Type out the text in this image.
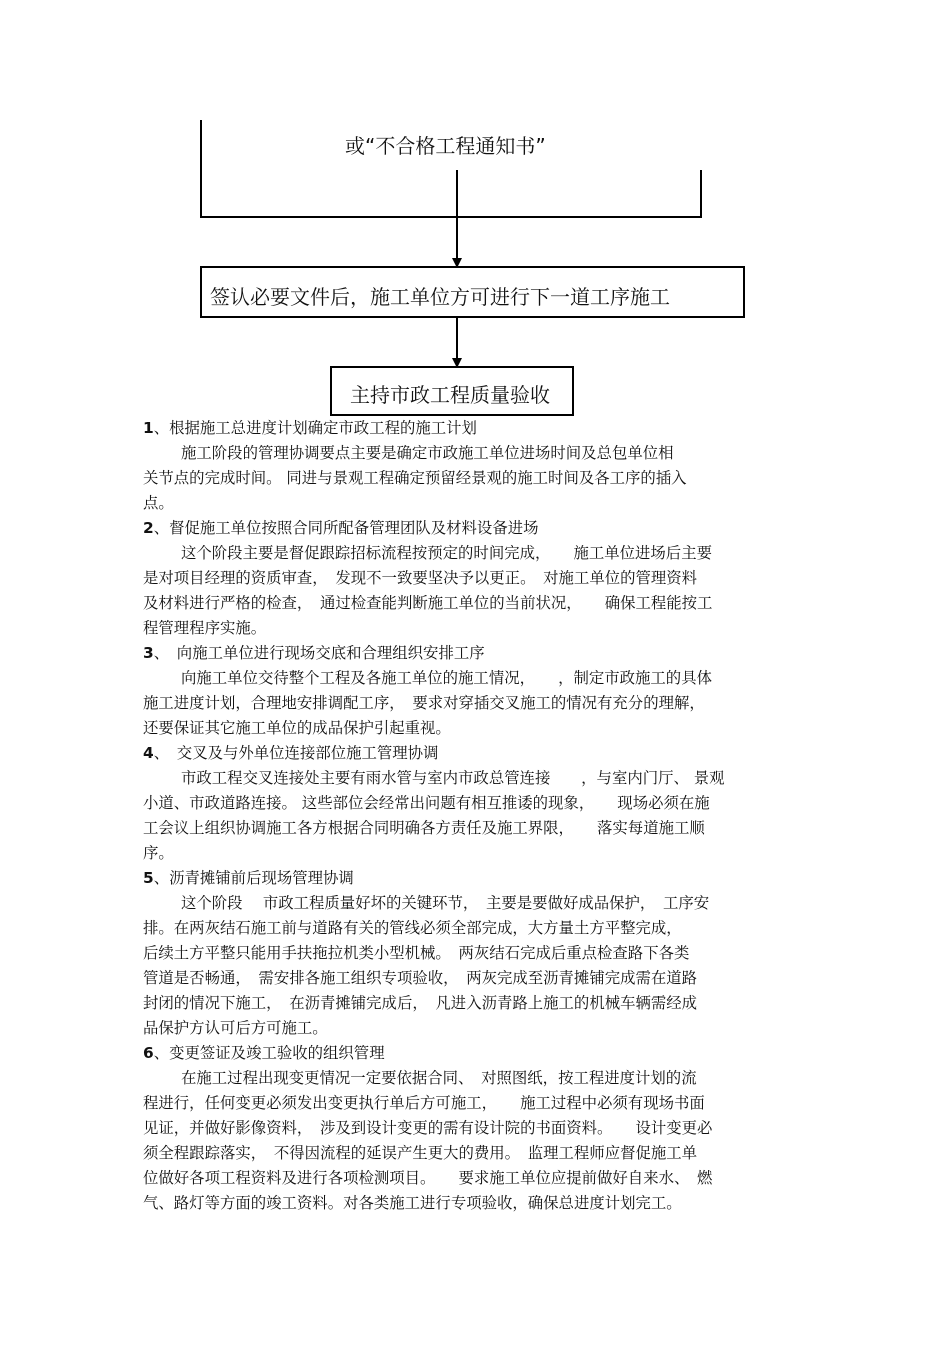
或“不合格工程通知书”
签认必要文件后，施工单位方可进行下一道工序施工
主持市政工程质量验收
1、根据施工总进度计划确定市政工程的施工计划
施工阶段的管理协调要点主要是确定市政施工单位进场时间及总包单位相
关节点的完成时间。 同进与景观工程确定预留经景观的施工时间及各工序的插入
点。
2、督促施工单位按照合同所配备管理团队及材料设备进场
这个阶段主要是督促跟踪招标流程按预定的时间完成，　　施工单位进场后主要
是对项目经理的资质审查，　发现不一致要坚决予以更正。　对施工单位的管理资料
及材料进行严格的检查，　通过检查能判断施工单位的当前状况，　　确保工程能按工
程管理程序实施。
3、　向施工单位进行现场交底和合理组织安排工序
向施工单位交待整个工程及各施工单位的施工情况，　　，制定市政施工的具体
施工进度计划，合理地安排调配工序，　要求对穿插交叉施工的情况有充分的理解，
还要保证其它施工单位的成品保护引起重视。
4、　交叉及与外单位连接部位施工管理协调
市政工程交叉连接处主要有雨水管与室内市政总管连接　　，与室内门厅、 景观
小道、市政道路连接。 这些部位会经常出问题有相互推诿的现象，　　现场必须在施
工会议上组织协调施工各方根据合同明确各方责任及施工界限，　　落实每道施工顺
序。
5、沥青摊铺前后现场管理协调
这个阶段　 市政工程质量好坏的关键环节，　主要是要做好成品保护，　工序安
排。在两灰结石施工前与道路有关的管线必须全部完成，大方量土方平整完成，
后续土方平整只能用手扶拖拉机类小型机械。　两灰结石完成后重点检查路下各类
管道是否畅通，　需安排各施工组织专项验收，　两灰完成至沥青摊铺完成需在道路
封闭的情况下施工，　在沥青摊铺完成后，　凡进入沥青路上施工的机械车辆需经成
品保护方认可后方可施工。
6、变更签证及竣工验收的组织管理
在施工过程出现变更情况一定要依据合同、　对照图纸，按工程进度计划的流
程进行，任何变更必须发出变更执行单后方可施工，　　施工过程中必须有现场书面
见证，并做好影像资料，　涉及到设计变更的需有设计院的书面资料。　　设计变更必
须全程跟踪落实，　不得因流程的延误产生更大的费用。　监理工程师应督促施工单
位做好各项工程资料及进行各项检测项目。　　要求施工单位应提前做好自来水、　燃
气、路灯等方面的竣工资料。对各类施工进行专项验收，确保总进度计划完工。
